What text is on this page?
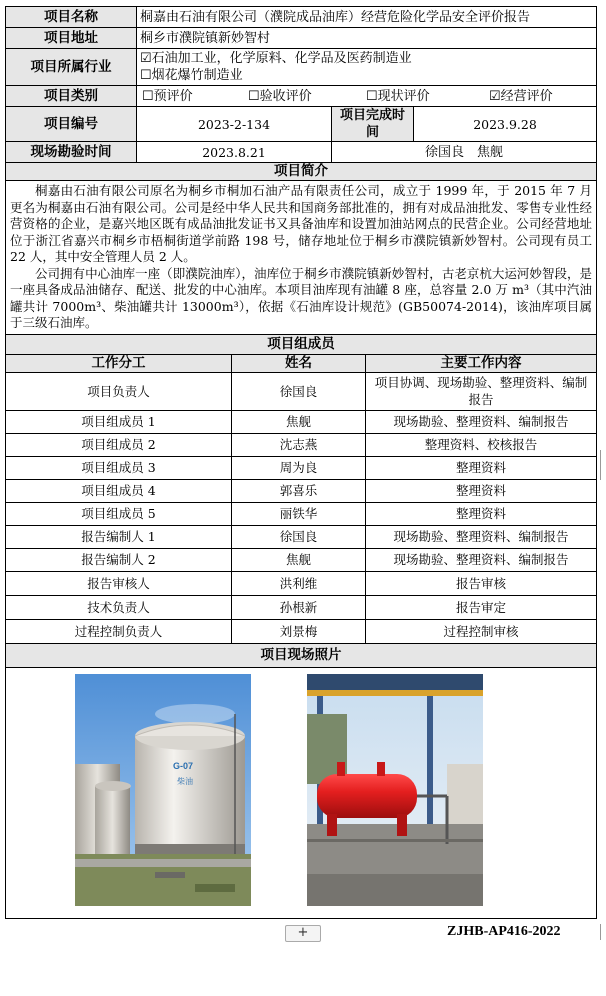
项目名称	桐嘉由石油有限公司（濮院成品油库）经营危险化学品安全评价报告		
项目地址	桐乡市濮院镇新妙智村		
项目所属行业	☑石油加工业，化学原料、化学品及医药制造业
☐烟花爆竹制造业		

项目类别	☐预评价 ☐验收评价 ☐现状评价 ☑经营评价		

项目编号	2023-2-134	项目完成时间	2023.9.28
现场勘验时间	2023.8.21	徐国良　焦舰	
项目简介			

桐嘉由石油有限公司原名为桐乡市桐加石油产品有限责任公司，成立于 1999 年，于 2015 年 7 月更名为桐嘉由石油有限公司。公司是经中华人民共和国商务部批准的，拥有对成品油批发、零售专业性经营资格的企业，是嘉兴地区既有成品油批发证书又具备油库和设置加油站网点的民营企业。公司经营地址位于浙江省嘉兴市桐乡市梧桐街道学前路 198 号，储存地址位于桐乡市濮院镇新妙智村。公司现有员工 22 人，其中安全管理人员 2 人。

公司拥有中心油库一座（即濮院油库），油库位于桐乡市濮院镇新妙智村，古老京杭大运河妙智段，是一座具备成品油储存、配送、批发的中心油库。本项目油库现有油罐 8 座，总容量 2.0 万 m³（其中汽油罐共计 7000m³、柴油罐共计 13000m³），依据《石油库设计规范》(GB50074-2014)，该油库项目属于三级石油库。			

项目组成员		
工作分工	姓名	主要工作内容
项目负责人	徐国良	项目协调、现场勘验、整理资料、编制报告
项目组成员 1	焦舰	现场勘验、整理资料、编制报告
项目组成员 2	沈志燕	整理资料、校核报告
项目组成员 3	周为良	整理资料
项目组成员 4	郭喜乐	整理资料
项目组成员 5	丽铁华	整理资料
报告编制人 1	徐国良	现场勘验、整理资料、编制报告
报告编制人 2	焦舰	现场勘验、整理资料、编制报告
报告审核人	洪利维	报告审核
技术负责人	孙根新	报告审定
过程控制负责人	刘景梅	过程控制审核
项目现场照片		

G-07
柴油		
+	ZJHB-AP416-2022
